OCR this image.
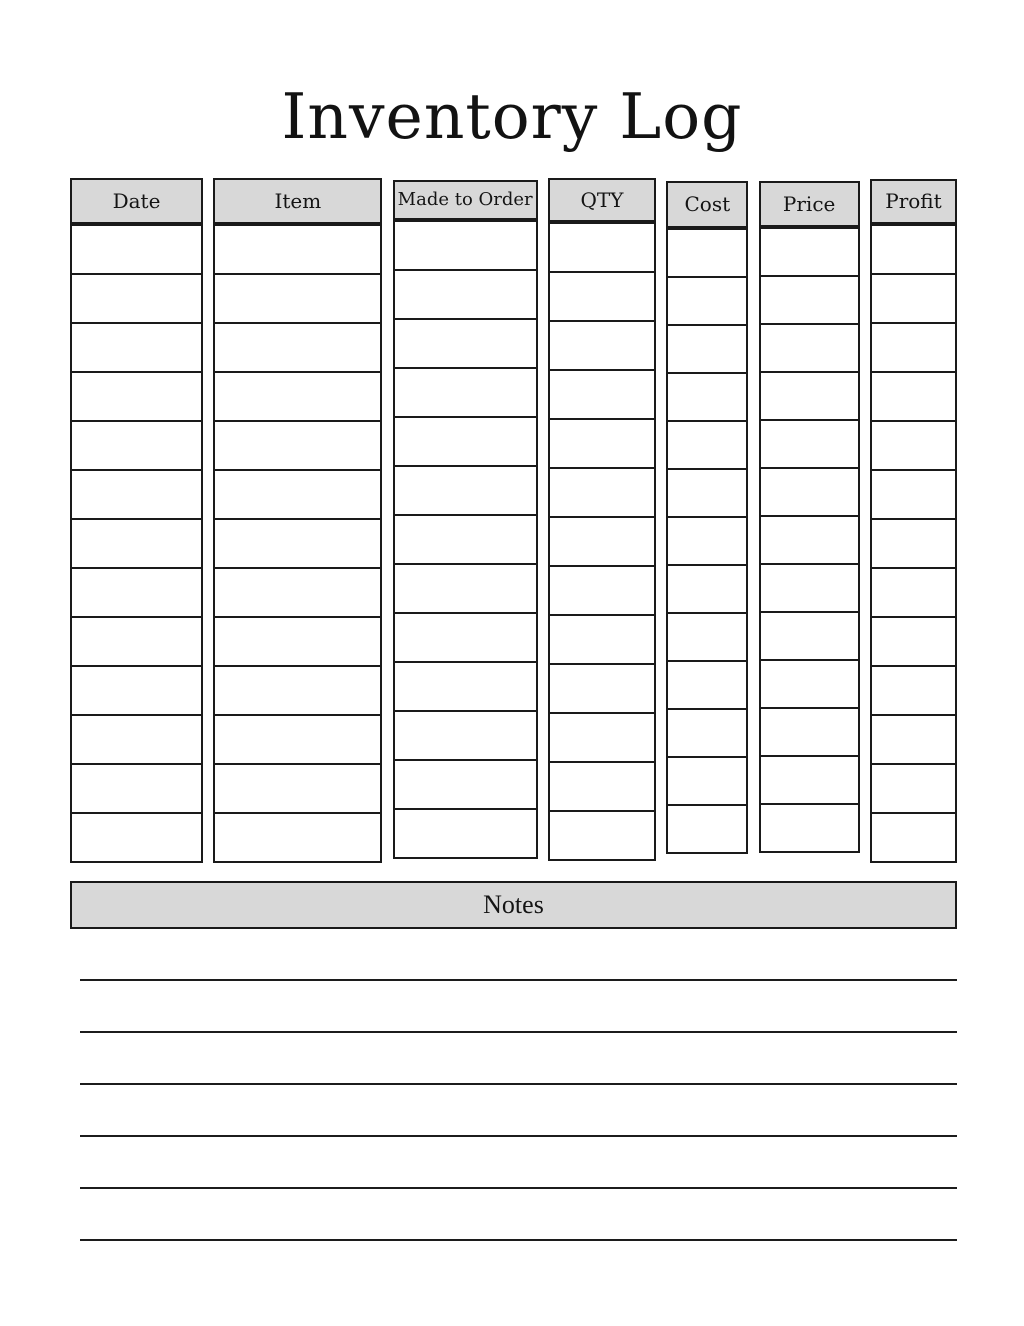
Inventory Log
Date	Item	Made to Order	QTY	Cost	Price	Profit
Notes
